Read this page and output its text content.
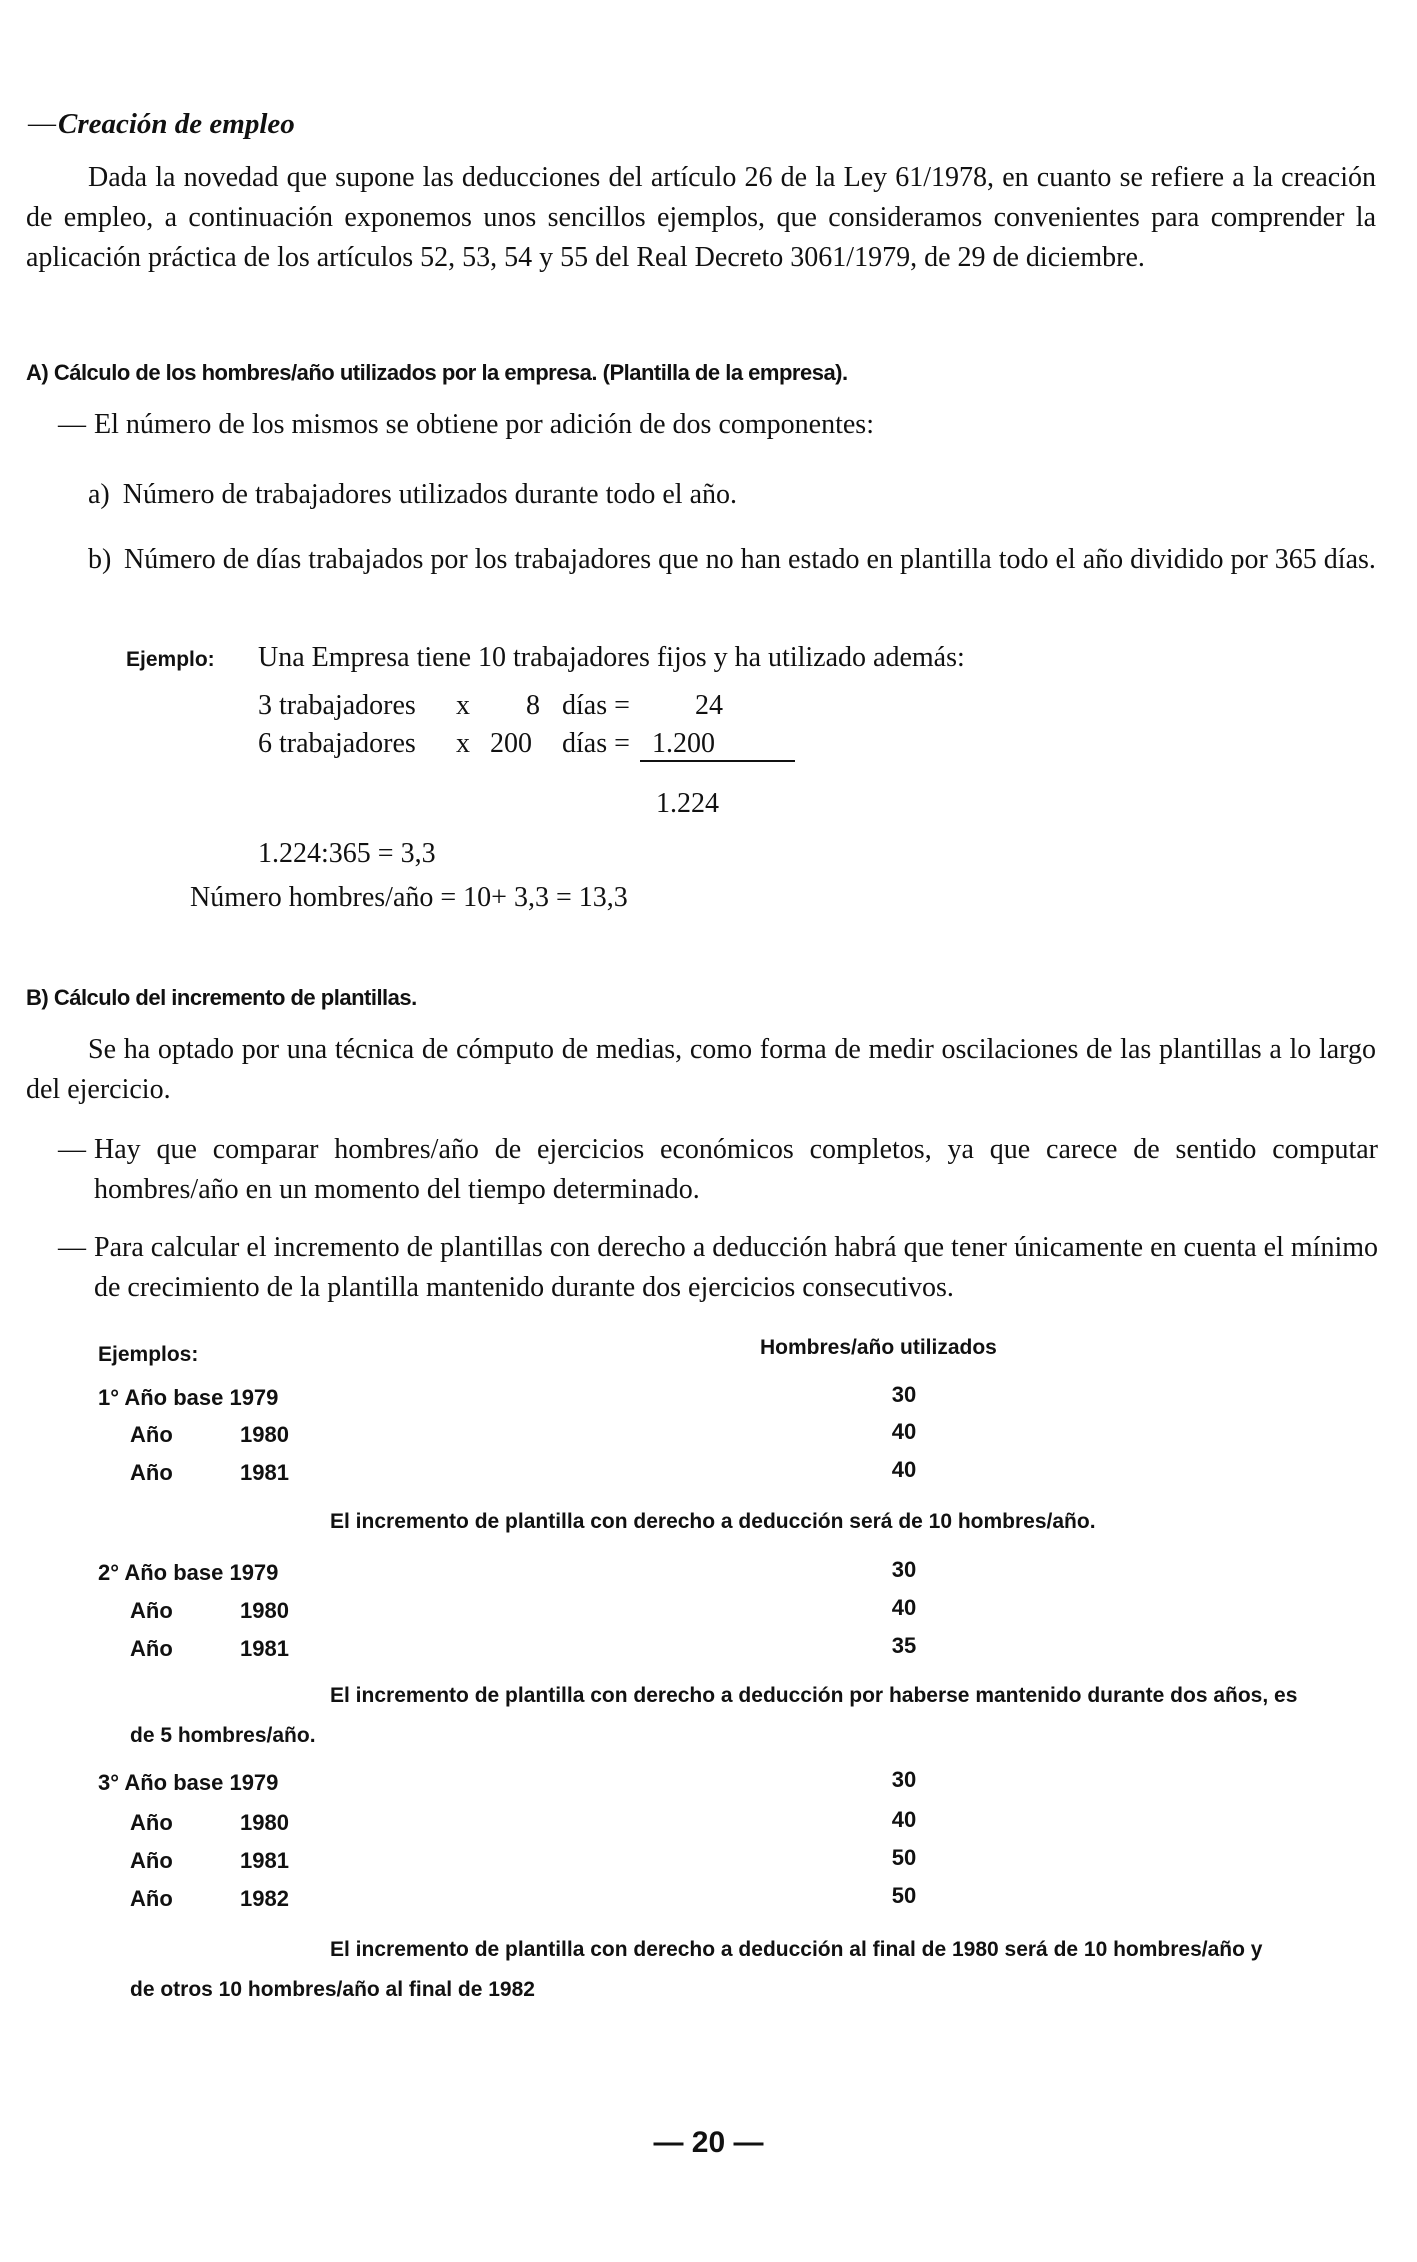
— Creación de empleo
Dada la novedad que supone las deducciones del artículo 26 de la Ley 61/1978, en cuanto se refiere a la creación de empleo, a continuación exponemos unos sencillos ejemplos, que consideramos convenientes para comprender la aplicación práctica de los artículos 52, 53, 54 y 55 del Real Decreto 3061/1979, de 29 de diciembre.
A) Cálculo de los hombres/año utilizados por la empresa. (Plantilla de la empresa).
— El número de los mismos se obtiene por adición de dos componentes:
a) Número de trabajadores utilizados durante todo el año.
b) Número de días trabajados por los trabajadores que no han estado en plantilla todo el año dividido por 365 días.
Ejemplo: Una Empresa tiene 10 trabajadores fijos y ha utilizado además:
3 trabajadores x 8 días = 24
6 trabajadores x 200 días = 1.200
1.224
1.224:365 = 3,3
Número hombres/año = 10+ 3,3 = 13,3
B) Cálculo del incremento de plantillas.
Se ha optado por una técnica de cómputo de medias, como forma de medir oscilaciones de las plantillas a lo largo del ejercicio.
— Hay que comparar hombres/año de ejercicios económicos completos, ya que carece de sentido computar hombres/año en un momento del tiempo determinado.
— Para calcular el incremento de plantillas con derecho a deducción habrá que tener únicamente en cuenta el mínimo de crecimiento de la plantilla mantenido durante dos ejercicios consecutivos.
Ejemplos:	Hombres/año utilizados
1° Año base 1979	30
Año	1980	40
Año	1981	40
El incremento de plantilla con derecho a deducción será de 10 hombres/año.
2° Año base 1979	30
Año	1980	40
Año	1981	35
El incremento de plantilla con derecho a deducción por haberse mantenido durante dos años, es
de 5 hombres/año.
3° Año base 1979	30
Año	1980	40
Año	1981	50
Año	1982	50
El incremento de plantilla con derecho a deducción al final de 1980 será de 10 hombres/año y
de otros 10 hombres/año al final de 1982
— 20 —
